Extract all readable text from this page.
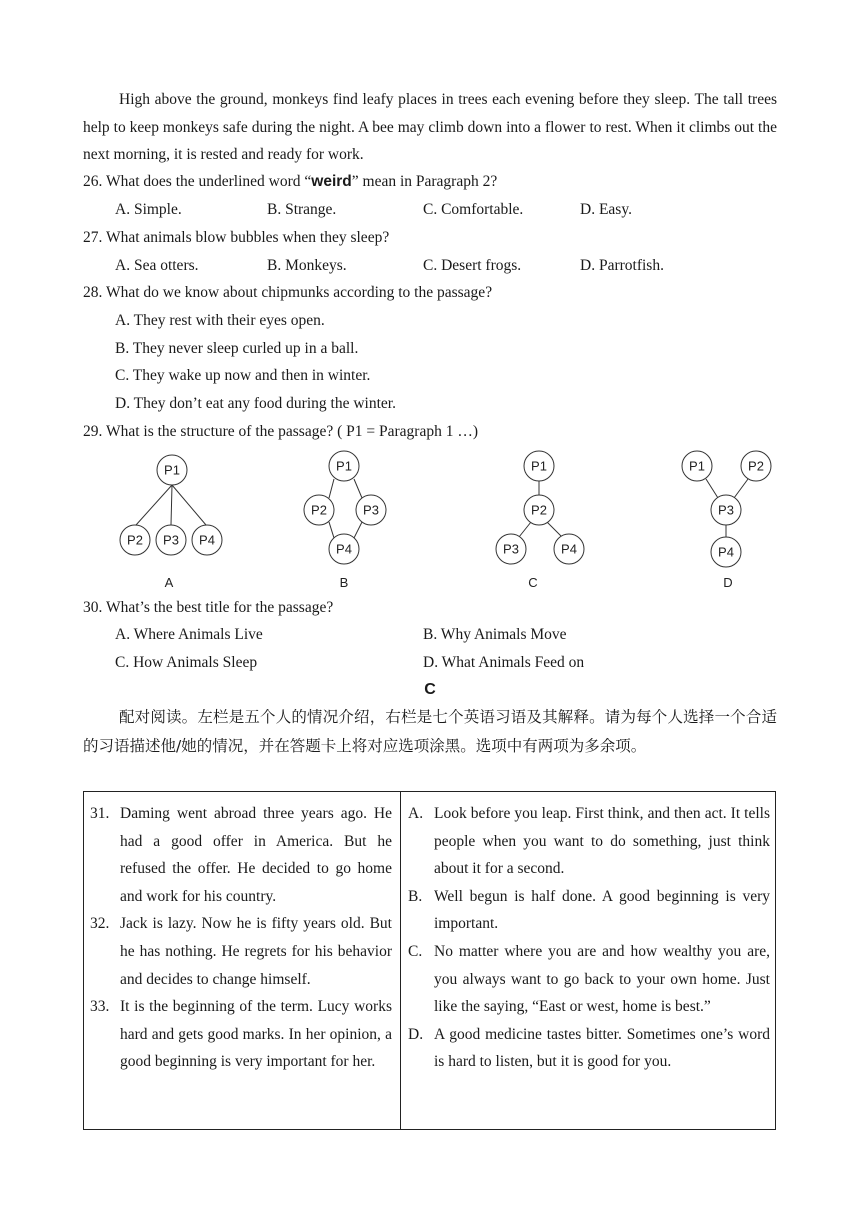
High above the ground, monkeys find leafy places in trees each evening before they sleep. The tall trees help to keep monkeys safe during the night. A bee may climb down into a flower to rest. When it climbs out the next morning, it is rested and ready for work.

26. What does the underlined word “weird” mean in Paragraph 2?

A. Simple.	B. Strange.	C. Comfortable.	D. Easy.

27. What animals blow bubbles when they sleep?

A. Sea otters.	B. Monkeys.	C. Desert frogs.	D. Parrotfish.

28. What do we know about chipmunks according to the passage?

A. They rest with their eyes open.

B. They never sleep curled up in a ball.

C. They wake up now and then in winter.

D. They don’t eat any food during the winter.

29. What is the structure of the passage? ( P1 = Paragraph 1 …)

P1
P2 P3 P4
A
P1
P2	P3
P4
B
P1
P2
P3	P4
C
P1	P2
P3
P4
D

30. What’s the best title for the passage?

A. Where Animals Live	B. Why Animals Move

C. How Animals Sleep	D. What Animals Feed on

C

配对阅读。左栏是五个人的情况介绍，右栏是七个英语习语及其解释。请为每个人选择一个合适的习语描述他/她的情况，并在答题卡上将对应选项涂黑。选项中有两项为多余项。

31. Daming went abroad three years ago. He had a good offer in America. But he refused the offer. He decided to go home and work for his country.

32. Jack is lazy. Now he is fifty years old. But he has nothing. He regrets for his behavior and decides to change himself.

33. It is the beginning of the term. Lucy works hard and gets good marks. In her opinion, a good beginning is very important for her.

A. Look before you leap. First think, and then act. It tells people when you want to do something, just think about it for a second.

B. Well begun is half done. A good beginning is very important.

C. No matter where you are and how wealthy you are, you always want to go back to your own home. Just like the saying, “East or west, home is best.”

D. A good medicine tastes bitter. Sometimes one’s word is hard to listen, but it is good for you.
